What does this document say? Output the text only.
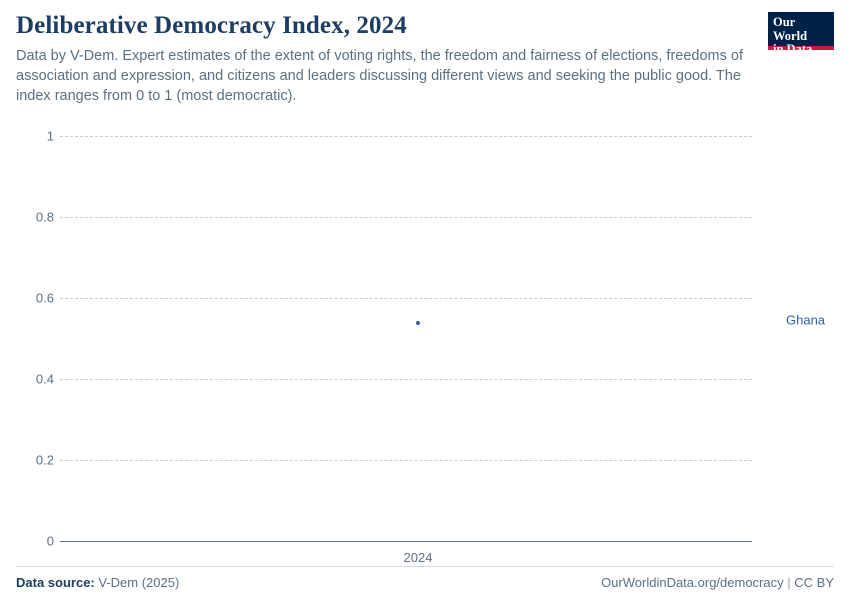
Deliberative Democracy Index, 2024

Data by V-Dem. Expert estimates of the extent of voting rights, the freedom and fairness of elections, freedoms of association and expression, and citizens and leaders discussing different views and seeking the public good. The index ranges from 0 to 1 (most democratic).

Our World
in Data
1
0.8
0.6
0.4
0.2
0
Ghana
2024
Data source: V-Dem (2025)	OurWorldinData.org/democracy | CC BY
